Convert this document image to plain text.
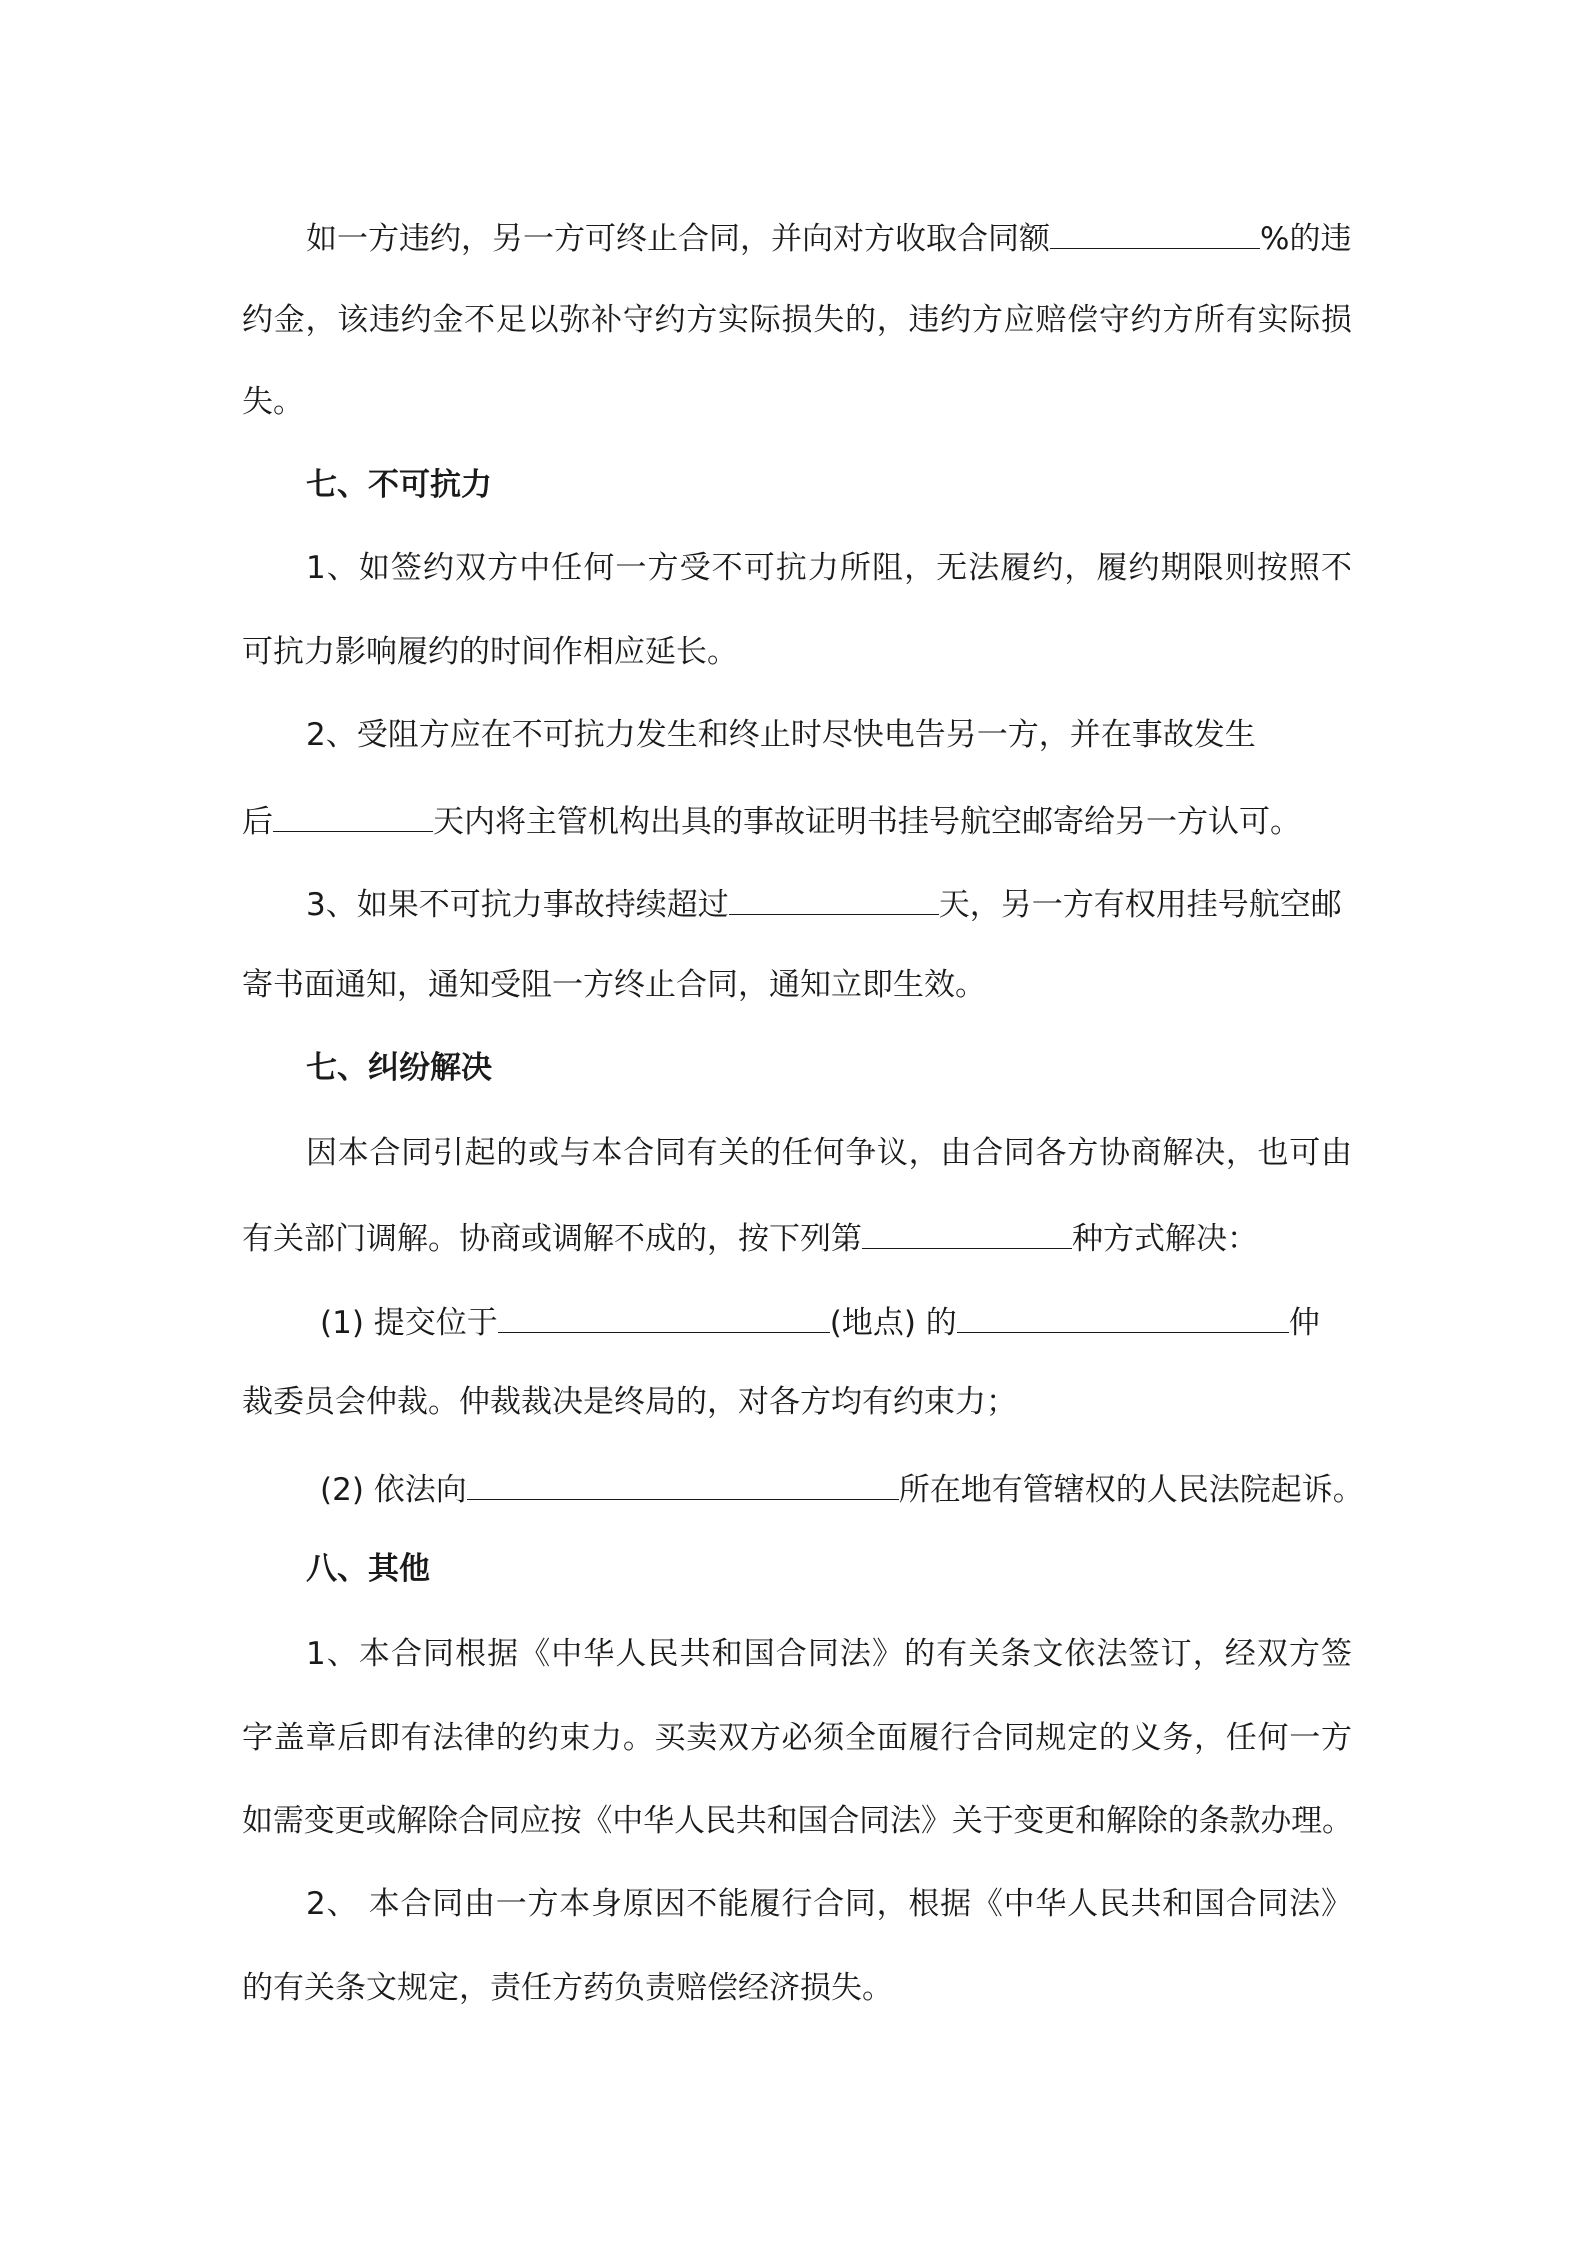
如一方违约，另一方可终止合同，并向对方收取合同额	%的违
约金，该违约金不足以弥补守约方实际损失的，违约方应赔偿守约方所有实际损
失。
七、不可抗力
1、如签约双方中任何一方受不可抗力所阻，无法履约，履约期限则按照不
可抗力影响履约的时间作相应延长。
2、受阻方应在不可抗力发生和终止时尽快电告另一方，并在事故发生
后	天内将主管机构出具的事故证明书挂号航空邮寄给另一方认可。
3、如果不可抗力事故持续超过	天，另一方有权用挂号航空邮
寄书面通知，通知受阻一方终止合同，通知立即生效。
七、纠纷解决
因本合同引起的或与本合同有关的任何争议，由合同各方协商解决，也可由
有关部门调解。协商或调解不成的，按下列第	种方式解决：
(1) 提交位于	(地点) 的	仲
裁委员会仲裁。仲裁裁决是终局的，对各方均有约束力；
(2) 依法向	所在地有管辖权的人民法院起诉。
八、其他
1、本合同根据《中华人民共和国合同法》的有关条文依法签订，经双方签
字盖章后即有法律的约束力。买卖双方必须全面履行合同规定的义务，任何一方
如需变更或解除合同应按《中华人民共和国合同法》关于变更和解除的条款办理。
2、 本合同由一方本身原因不能履行合同，根据《中华人民共和国合同法》
的有关条文规定，责任方药负责赔偿经济损失。
